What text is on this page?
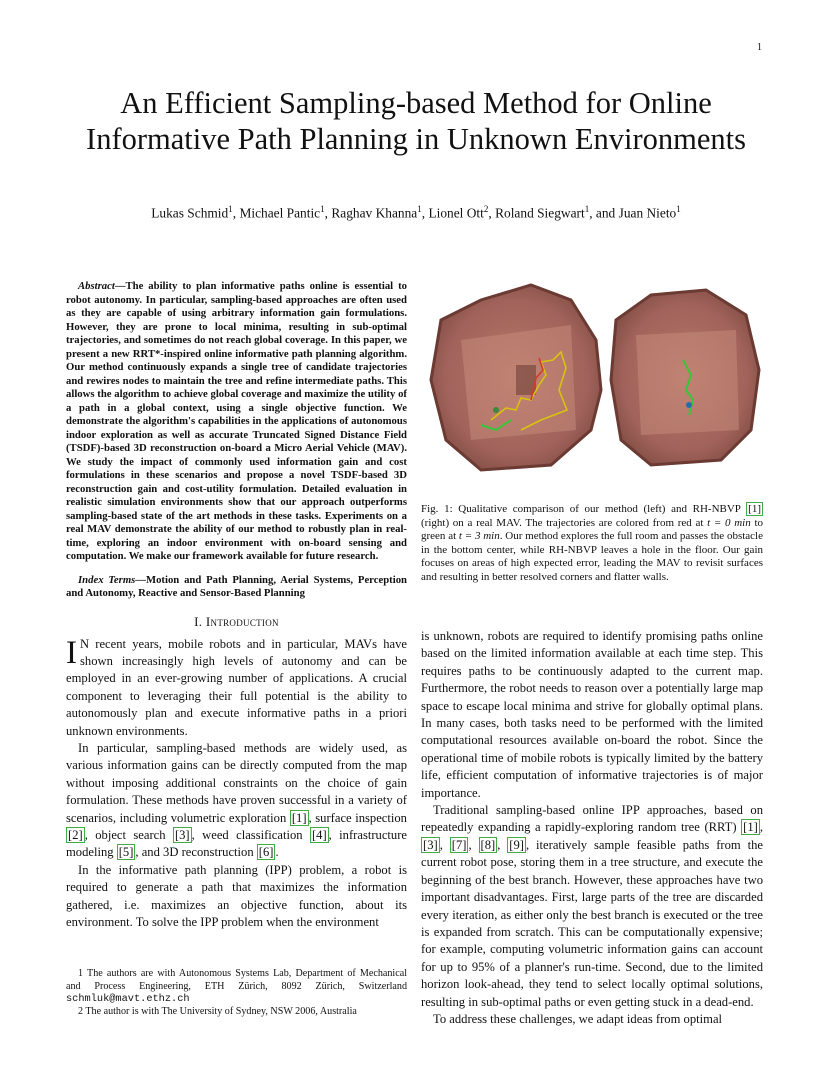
1
An Efficient Sampling-based Method for Online Informative Path Planning in Unknown Environments
Lukas Schmid$^1$, Michael Pantic$^1$, Raghav Khanna$^1$, Lionel Ott$^2$, Roland Siegwart$^1$, and Juan Nieto$^1$

Abstract—The ability to plan informative paths online is essential to robot autonomy. In particular, sampling-based approaches are often used as they are capable of using arbitrary information gain formulations. However, they are prone to local minima, resulting in sub-optimal trajectories, and sometimes do not reach global coverage. In this paper, we present a new RRT*-inspired online informative path planning algorithm. Our method continuously expands a single tree of candidate trajectories and rewires nodes to maintain the tree and refine intermediate paths. This allows the algorithm to achieve global coverage and maximize the utility of a path in a global context, using a single objective function. We demonstrate the algorithm's capabilities in the applications of autonomous indoor exploration as well as accurate Truncated Signed Distance Field (TSDF)-based 3D reconstruction on-board a Micro Aerial Vehicle (MAV). We study the impact of commonly used information gain and cost formulations in these scenarios and propose a novel TSDF-based 3D reconstruction gain and cost-utility formulation. Detailed evaluation in realistic simulation environments show that our approach outperforms sampling-based state of the art methods in these tasks. Experiments on a real MAV demonstrate the ability of our method to robustly plan in real-time, exploring an indoor environment with on-board sensing and computation. We make our framework available for future research.

Index Terms—Motion and Path Planning, Aerial Systems, Perception and Autonomy, Reactive and Sensor-Based Planning

I. Introduction

I N recent years, mobile robots and in particular, MAVs have shown increasingly high levels of autonomy and can be employed in an ever-growing number of applications. A crucial component to leveraging their full potential is the ability to autonomously plan and execute informative paths in a priori unknown environments.

In particular, sampling-based methods are widely used, as various information gains can be directly computed from the map without imposing additional constraints on the choice of gain formulation. These methods have proven successful in a variety of scenarios, including volumetric exploration [1] , surface inspection [2] , object search [3] , weed classification [4] , infrastructure modeling [5] , and 3D reconstruction [6] .

In the informative path planning (IPP) problem, a robot is required to generate a path that maximizes the information gathered, i.e. maximizes an objective function, about its environment. To solve the IPP problem when the environment

1 The authors are with Autonomous Systems Lab, Department of Mechanical and Process Engineering, ETH Zürich, 8092 Zürich, Switzerland schmluk@mavt.ethz.ch

2 The author is with The University of Sydney, NSW 2006, Australia

Fig. 1: Qualitative comparison of our method (left) and RH-NBVP [1] (right) on a real MAV. The trajectories are colored from red at t = 0 min to green at t = 3 min. Our method explores the full room and passes the obstacle in the bottom center, while RH-NBVP leaves a hole in the floor. Our gain focuses on areas of high expected error, leading the MAV to revisit surfaces and resulting in better resolved corners and flatter walls.

is unknown, robots are required to identify promising paths online based on the limited information available at each time step. This requires paths to be continuously adapted to the current map. Furthermore, the robot needs to reason over a potentially large map space to escape local minima and strive for globally optimal plans. In many cases, both tasks need to be performed with the limited computational resources available on-board the robot. Since the operational time of mobile robots is typically limited by the battery life, efficient computation of informative trajectories is of major importance.

Traditional sampling-based online IPP approaches, based on repeatedly expanding a rapidly-exploring random tree (RRT) [1] , [3] , [7] , [8] , [9] , iteratively sample feasible paths from the current robot pose, storing them in a tree structure, and execute the beginning of the best branch. However, these approaches have two important disadvantages. First, large parts of the tree are discarded every iteration, as either only the best branch is executed or the tree is expanded from scratch. This can be computationally expensive; for example, computing volumetric information gains can account for up to 95% of a planner's run-time. Second, due to the limited horizon look-ahead, they tend to select locally optimal solutions, resulting in sub-optimal paths or even getting stuck in a dead-end.

To address these challenges, we adapt ideas from optimal
